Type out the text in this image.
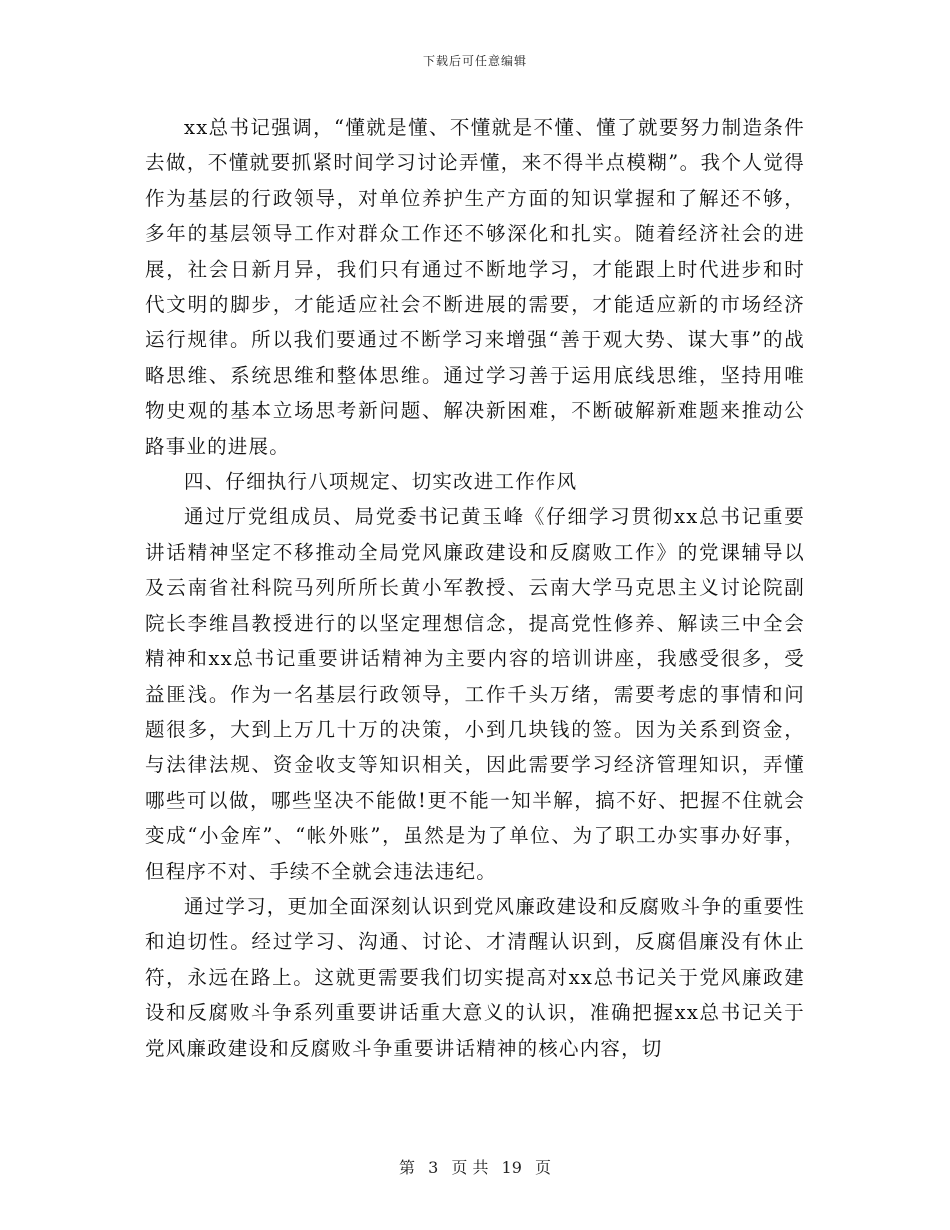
下载后可任意编辑

xx总书记强调，“懂就是懂、不懂就是不懂、懂了就要努力制造条件去做，不懂就要抓紧时间学习讨论弄懂，来不得半点模糊”。我个人觉得作为基层的行政领导，对单位养护生产方面的知识掌握和了解还不够，多年的基层领导工作对群众工作还不够深化和扎实。随着经济社会的进展，社会日新月异，我们只有通过不断地学习，才能跟上时代进步和时代文明的脚步，才能适应社会不断进展的需要，才能适应新的市场经济运行规律。所以我们要通过不断学习来增强“善于观大势、谋大事”的战略思维、系统思维和整体思维。通过学习善于运用底线思维，坚持用唯物史观的基本立场思考新问题、解决新困难，不断破解新难题来推动公路事业的进展。

四、仔细执行八项规定、切实改进工作作风

通过厅党组成员、局党委书记黄玉峰《仔细学习贯彻xx总书记重要讲话精神坚定不移推动全局党风廉政建设和反腐败工作》的党课辅导以及云南省社科院马列所所长黄小军教授、云南大学马克思主义讨论院副院长李维昌教授进行的以坚定理想信念，提高党性修养、解读三中全会精神和xx总书记重要讲话精神为主要内容的培训讲座，我感受很多，受益匪浅。作为一名基层行政领导，工作千头万绪，需要考虑的事情和问题很多，大到上万几十万的决策，小到几块钱的签。因为关系到资金，与法律法规、资金收支等知识相关，因此需要学习经济管理知识，弄懂哪些可以做，哪些坚决不能做!更不能一知半解，搞不好、把握不住就会变成“小金库”、“帐外账”，虽然是为了单位、为了职工办实事办好事，但程序不对、手续不全就会违法违纪。

通过学习，更加全面深刻认识到党风廉政建设和反腐败斗争的重要性和迫切性。经过学习、沟通、讨论、才清醒认识到，反腐倡廉没有休止符，永远在路上。这就更需要我们切实提高对xx总书记关于党风廉政建设和反腐败斗争系列重要讲话重大意义的认识，准确把握xx总书记关于党风廉政建设和反腐败斗争重要讲话精神的核心内容，切

第 3 页 共 19 页
